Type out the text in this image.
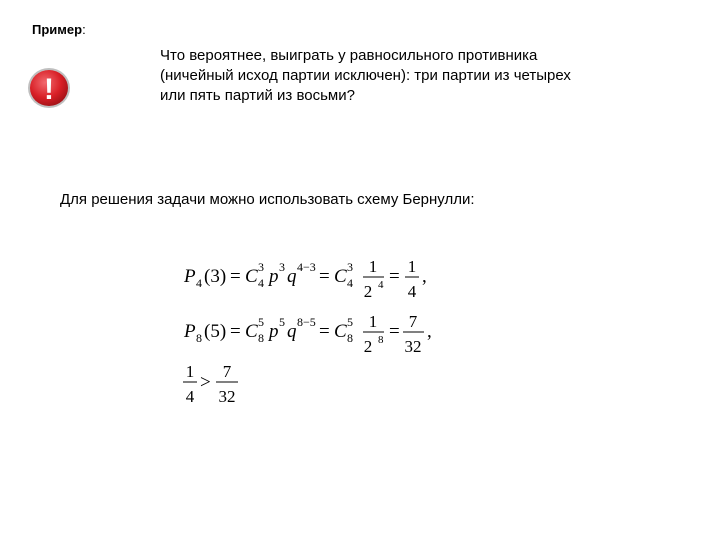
Пример:
!
Что вероятнее, выиграть у равносильного противника
(ничейный исход партии исключен): три партии из четырех
или пять партий из восьми?
Для решения задачи можно использовать схему Бернулли:
P 4 (3) = C 3
4 p 3 q 4−3 = C 3
4
1
2 4 = 1
4
,
P 8 (5) = C 5
8 p 5 q 8−5 = C 5
8
1
2 8 = 7
32
,
1
4
>
7
32
